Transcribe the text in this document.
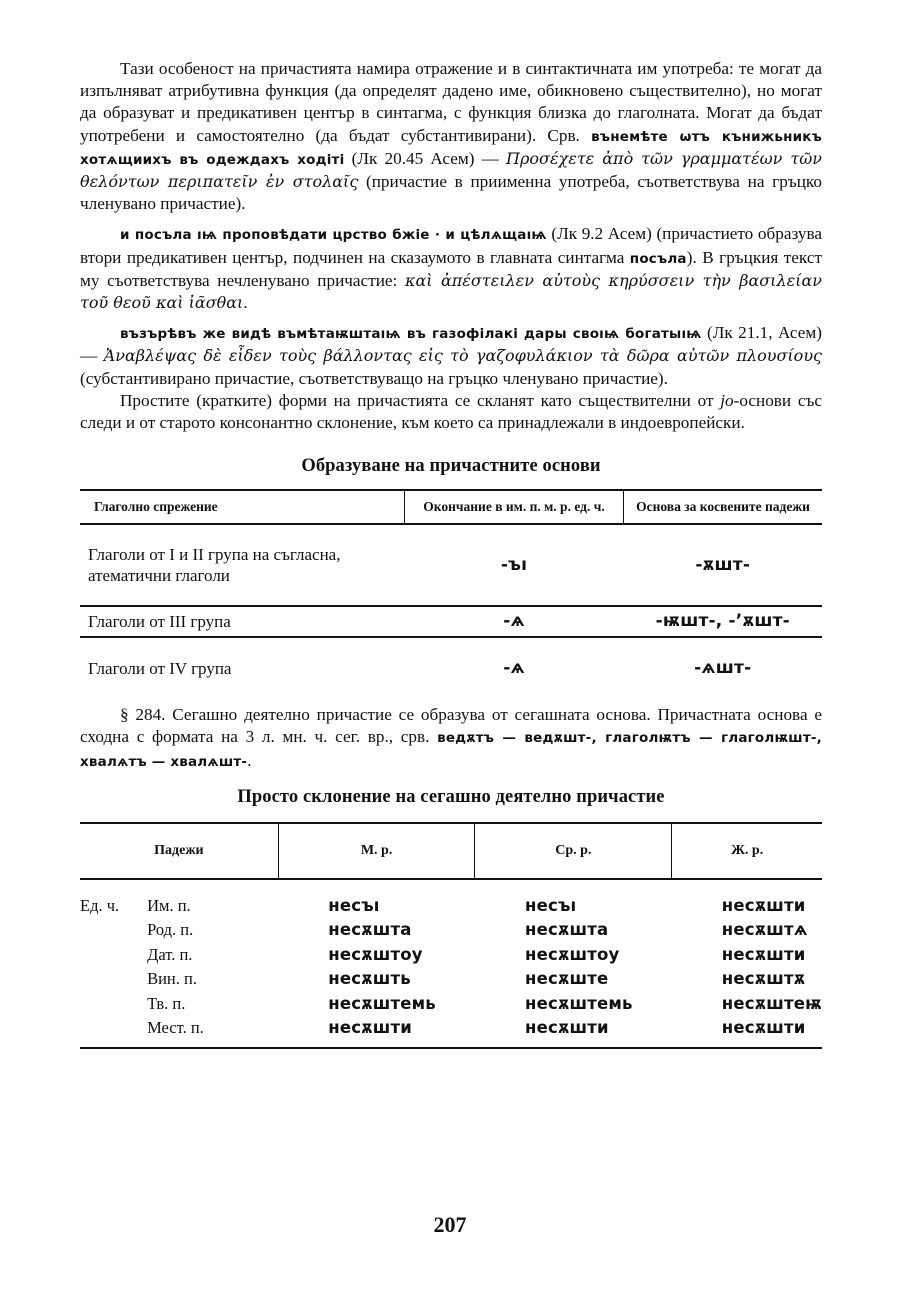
Тази особеност на причастията намира отражение и в синтактичната им употреба: те могат да изпълняват атрибутивна функция (да определят дадено име, обикновено съществително), но могат да образуват и предикативен център в синтагма, с функция близка до глаголната. Могат да бъдат употребени и самостоятелно (да бъдат субстантивирани). Срв. вънемѣте ωтъ кънижьникъ хотѧщиихъ въ одеждахъ ходіті (Лк 20.45 Асем) — Προσέχετε ἀπὸ τῶν γραμματέων τῶν θελόντων περιπατεῖν ἐν στολαῖς (причастие в приименна употреба, съответствува на гръцко членувано причастие).

и посъла ıѩ проповѣдати црство бжіе · и цѣлѧщаıѩ (Лк 9.2 Асем) (причастието образува втори предикативен център, подчинен на сказаумото в главната синтагма посъла). В гръцкия текст му съответствува нечленувано причастие: καὶ ἀπέστειλεν αὐτοὺς κηρύσσειν τὴν βασιλείαν τοῦ θεοῦ καὶ ἰᾶσθαι.

възърѣвъ же видѣ въмѣтаѭштаıѩ въ газофілакі дары своıѩ богатыıѩ (Лк 21.1, Асем) — Ἀναβλέψας δὲ εἶδεν τοὺς βάλλοντας εἰς τὸ γαζοφυλάκιον τὰ δῶρα αὐτῶν πλουσίους (субстантивирано причастие, съответствуващо на гръцко членувано причастие).

Простите (кратките) форми на причастията се скланят като съществителни от jo-основи със следи и от старото консонантно склонение, към което са принадлежали в индоевропейски.

Образуване на причастните основи
Глаголно спрежение	Окончание в им. п. м. р. ед. ч.	Основа за косвените падежи
Глаголи от I и II група на съгласна, атематични глаголи	-ъı	-ѫшт-
Глаголи от III група	-ѧ	-ѭшт-, -’ѫшт-
Глаголи от IV група	-ѧ	-ѧшт-

§ 284. Сегашно деятелно причастие се образува от сегашната основа. Причастната основа е сходна с формата на 3 л. мн. ч. сег. вр., срв. ведѫтъ — ведѫшт-, глаголѭтъ — глаголѭшт-, хвалѧтъ — хвалѧшт-.

Просто склонение на сегашно деятелно причастие
Падежи		М. р.	Ср. р.	Ж. р.
Ед. ч.	Им. п.	несъı	несъı	несѫшти
	Род. п.	несѫшта	несѫшта	несѫштѧ
	Дат. п.	несѫштоу	несѫштоу	несѫшти
	Вин. п.	несѫшть	несѫште	несѫштѫ
	Тв. п.	несѫштемь	несѫштемь	несѫштеѭ
	Мест. п.	несѫшти	несѫшти	несѫшти
207
